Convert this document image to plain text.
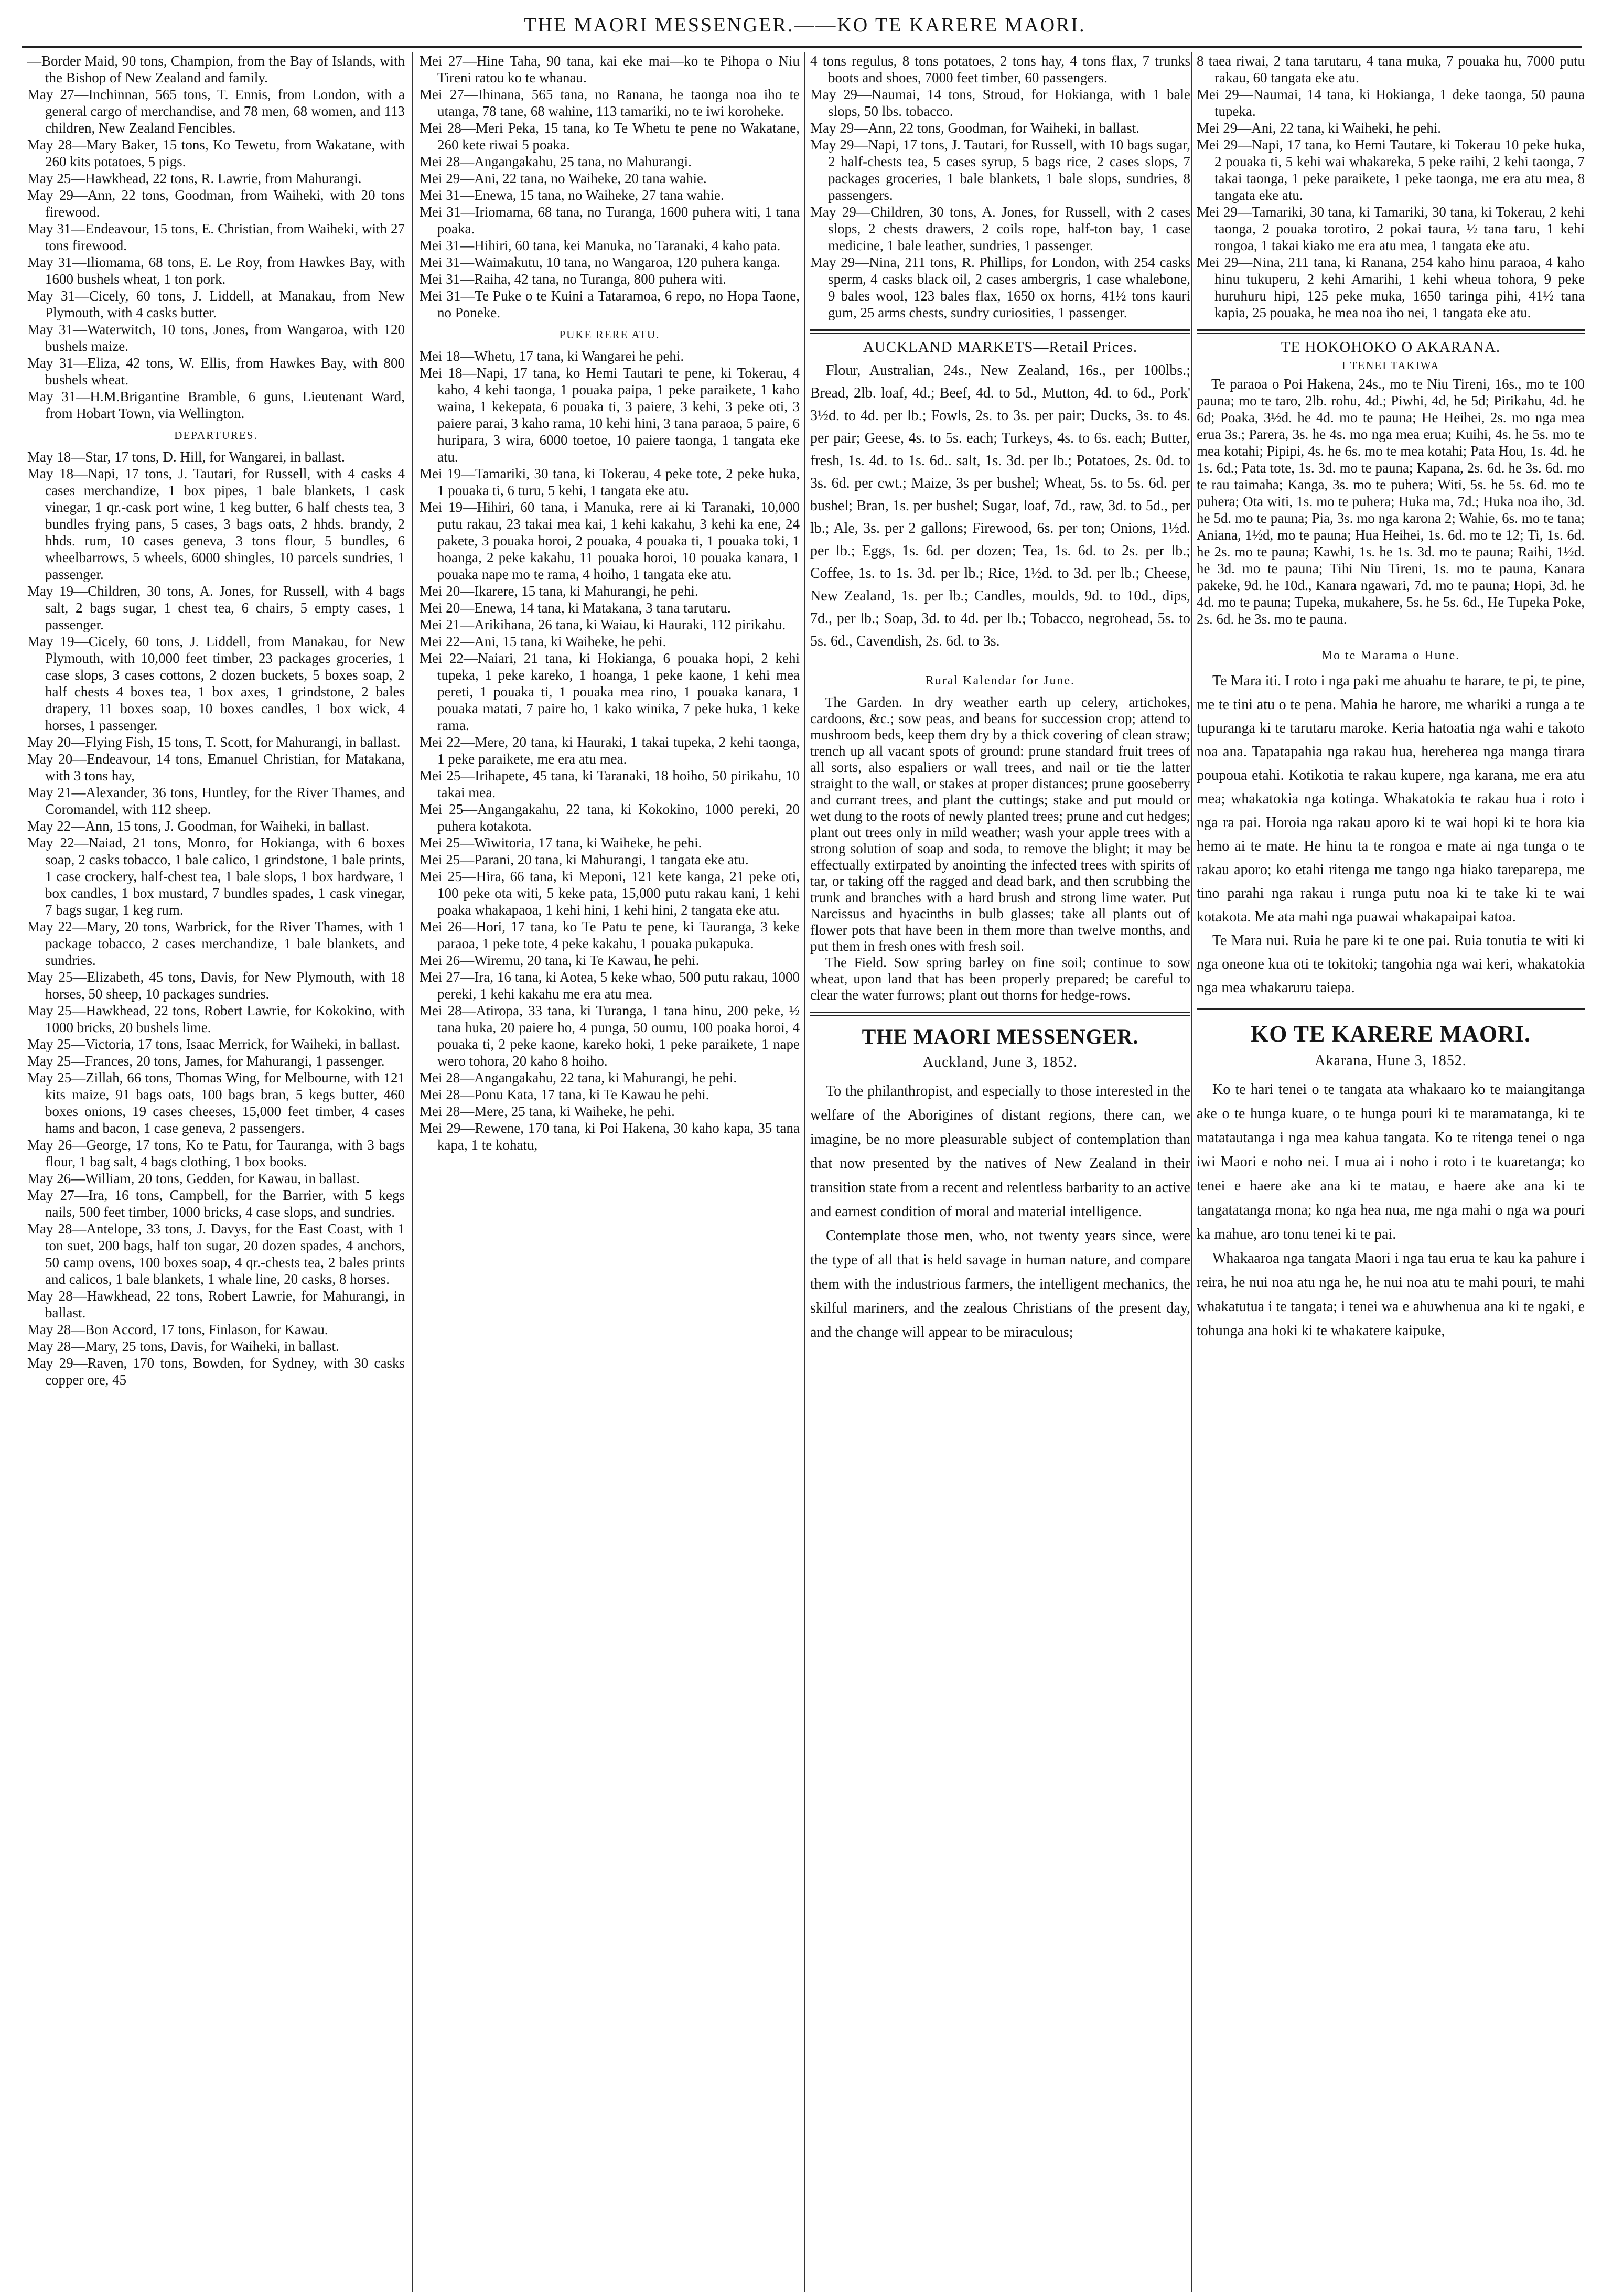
THE MAORI MESSENGER.——KO TE KARERE MAORI.

—Border Maid, 90 tons, Champion, from the Bay of Islands, with the Bishop of New Zealand and family.

May 27—Inchinnan, 565 tons, T. Ennis, from London, with a general cargo of merchandise, and 78 men, 68 women, and 113 children, New Zealand Fencibles.

May 28—Mary Baker, 15 tons, Ko Tewetu, from Wakatane, with 260 kits potatoes, 5 pigs.

May 25—Hawkhead, 22 tons, R. Lawrie, from Mahurangi.

May 29—Ann, 22 tons, Goodman, from Waiheki, with 20 tons firewood.

May 31—Endeavour, 15 tons, E. Christian, from Waiheki, with 27 tons firewood.

May 31—Iliomama, 68 tons, E. Le Roy, from Hawkes Bay, with 1600 bushels wheat, 1 ton pork.

May 31—Cicely, 60 tons, J. Liddell, at Manakau, from New Plymouth, with 4 casks butter.

May 31—Waterwitch, 10 tons, Jones, from Wangaroa, with 120 bushels maize.

May 31—Eliza, 42 tons, W. Ellis, from Hawkes Bay, with 800 bushels wheat.

May 31—H.M.Brigantine Bramble, 6 guns, Lieutenant Ward, from Hobart Town, via Wellington.

DEPARTURES.

May 18—Star, 17 tons, D. Hill, for Wangarei, in ballast.

May 18—Napi, 17 tons, J. Tautari, for Russell, with 4 casks 4 cases merchandize, 1 box pipes, 1 bale blankets, 1 cask vinegar, 1 qr.-cask port wine, 1 keg butter, 6 half chests tea, 3 bundles frying pans, 5 cases, 3 bags oats, 2 hhds. brandy, 2 hhds. rum, 10 cases geneva, 3 tons flour, 5 bundles, 6 wheelbarrows, 5 wheels, 6000 shingles, 10 parcels sundries, 1 passenger.

May 19—Children, 30 tons, A. Jones, for Russell, with 4 bags salt, 2 bags sugar, 1 chest tea, 6 chairs, 5 empty cases, 1 passenger.

May 19—Cicely, 60 tons, J. Liddell, from Manakau, for New Plymouth, with 10,000 feet timber, 23 packages groceries, 1 case slops, 3 cases cottons, 2 dozen buckets, 5 boxes soap, 2 half chests 4 boxes tea, 1 box axes, 1 grindstone, 2 bales drapery, 11 boxes soap, 10 boxes candles, 1 box wick, 4 horses, 1 passenger.

May 20—Flying Fish, 15 tons, T. Scott, for Mahurangi, in ballast.

May 20—Endeavour, 14 tons, Emanuel Christian, for Matakana, with 3 tons hay,

May 21—Alexander, 36 tons, Huntley, for the River Thames, and Coromandel, with 112 sheep.

May 22—Ann, 15 tons, J. Goodman, for Waiheki, in ballast.

May 22—Naiad, 21 tons, Monro, for Hokianga, with 6 boxes soap, 2 casks tobacco, 1 bale calico, 1 grindstone, 1 bale prints, 1 case crockery, half-chest tea, 1 bale slops, 1 box hardware, 1 box candles, 1 box mustard, 7 bundles spades, 1 cask vinegar, 7 bags sugar, 1 keg rum.

May 22—Mary, 20 tons, Warbrick, for the River Thames, with 1 package tobacco, 2 cases merchandize, 1 bale blankets, and sundries.

May 25—Elizabeth, 45 tons, Davis, for New Plymouth, with 18 horses, 50 sheep, 10 packages sundries.

May 25—Hawkhead, 22 tons, Robert Lawrie, for Kokokino, with 1000 bricks, 20 bushels lime.

May 25—Victoria, 17 tons, Isaac Merrick, for Waiheki, in ballast.

May 25—Frances, 20 tons, James, for Mahurangi, 1 passenger.

May 25—Zillah, 66 tons, Thomas Wing, for Melbourne, with 121 kits maize, 91 bags oats, 100 bags bran, 5 kegs butter, 460 boxes onions, 19 cases cheeses, 15,000 feet timber, 4 cases hams and bacon, 1 case geneva, 2 passengers.

May 26—George, 17 tons, Ko te Patu, for Tauranga, with 3 bags flour, 1 bag salt, 4 bags clothing, 1 box books.

May 26—William, 20 tons, Gedden, for Kawau, in ballast.

May 27—Ira, 16 tons, Campbell, for the Barrier, with 5 kegs nails, 500 feet timber, 1000 bricks, 4 case slops, and sundries.

May 28—Antelope, 33 tons, J. Davys, for the East Coast, with 1 ton suet, 200 bags, half ton sugar, 20 dozen spades, 4 anchors, 50 camp ovens, 100 boxes soap, 4 qr.-chests tea, 2 bales prints and calicos, 1 bale blankets, 1 whale line, 20 casks, 8 horses.

May 28—Hawkhead, 22 tons, Robert Lawrie, for Mahurangi, in ballast.

May 28—Bon Accord, 17 tons, Finlason, for Kawau.

May 28—Mary, 25 tons, Davis, for Waiheki, in ballast.

May 29—Raven, 170 tons, Bowden, for Sydney, with 30 casks copper ore, 45

Mei 27—Hine Taha, 90 tana, kai eke mai—ko te Pihopa o Niu Tireni ratou ko te whanau.

Mei 27—Ihinana, 565 tana, no Ranana, he taonga noa iho te utanga, 78 tane, 68 wahine, 113 tamariki, no te iwi koroheke.

Mei 28—Meri Peka, 15 tana, ko Te Whetu te pene no Wakatane, 260 kete riwai 5 poaka.

Mei 28—Angangakahu, 25 tana, no Mahurangi.

Mei 29—Ani, 22 tana, no Waiheke, 20 tana wahie.

Mei 31—Enewa, 15 tana, no Waiheke, 27 tana wahie.

Mei 31—Iriomama, 68 tana, no Turanga, 1600 puhera witi, 1 tana poaka.

Mei 31—Hihiri, 60 tana, kei Manuka, no Taranaki, 4 kaho pata.

Mei 31—Waimakutu, 10 tana, no Wangaroa, 120 puhera kanga.

Mei 31—Raiha, 42 tana, no Turanga, 800 puhera witi.

Mei 31—Te Puke o te Kuini a Tataramoa, 6 repo, no Hopa Taone, no Poneke.

PUKE RERE ATU.

Mei 18—Whetu, 17 tana, ki Wangarei he pehi.

Mei 18—Napi, 17 tana, ko Hemi Tautari te pene, ki Tokerau, 4 kaho, 4 kehi taonga, 1 pouaka paipa, 1 peke paraikete, 1 kaho waina, 1 kekepata, 6 pouaka ti, 3 paiere, 3 kehi, 3 peke oti, 3 paiere parai, 3 kaho rama, 10 kehi hini, 3 tana paraoa, 5 paire, 6 huripara, 3 wira, 6000 toetoe, 10 paiere taonga, 1 tangata eke atu.

Mei 19—Tamariki, 30 tana, ki Tokerau, 4 peke tote, 2 peke huka, 1 pouaka ti, 6 turu, 5 kehi, 1 tangata eke atu.

Mei 19—Hihiri, 60 tana, i Manuka, rere ai ki Taranaki, 10,000 putu rakau, 23 takai mea kai, 1 kehi kakahu, 3 kehi ka ene, 24 pakete, 3 pouaka horoi, 2 pouaka, 4 pouaka ti, 1 pouaka toki, 1 hoanga, 2 peke kakahu, 11 pouaka horoi, 10 pouaka kanara, 1 pouaka nape mo te rama, 4 hoiho, 1 tangata eke atu.

Mei 20—Ikarere, 15 tana, ki Mahurangi, he pehi.

Mei 20—Enewa, 14 tana, ki Matakana, 3 tana tarutaru.

Mei 21—Arikihana, 26 tana, ki Waiau, ki Hauraki, 112 pirikahu.

Mei 22—Ani, 15 tana, ki Waiheke, he pehi.

Mei 22—Naiari, 21 tana, ki Hokianga, 6 pouaka hopi, 2 kehi tupeka, 1 peke kareko, 1 hoanga, 1 peke kaone, 1 kehi mea pereti, 1 pouaka ti, 1 pouaka mea rino, 1 pouaka kanara, 1 pouaka matati, 7 paire ho, 1 kako winika, 7 peke huka, 1 keke rama.

Mei 22—Mere, 20 tana, ki Hauraki, 1 takai tupeka, 2 kehi taonga, 1 peke paraikete, me era atu mea.

Mei 25—Irihapete, 45 tana, ki Taranaki, 18 hoiho, 50 pirikahu, 10 takai mea.

Mei 25—Angangakahu, 22 tana, ki Kokokino, 1000 pereki, 20 puhera kotakota.

Mei 25—Wiwitoria, 17 tana, ki Waiheke, he pehi.

Mei 25—Parani, 20 tana, ki Mahurangi, 1 tangata eke atu.

Mei 25—Hira, 66 tana, ki Meponi, 121 kete kanga, 21 peke oti, 100 peke ota witi, 5 keke pata, 15,000 putu rakau kani, 1 kehi poaka whakapaoa, 1 kehi hini, 1 kehi hini, 2 tangata eke atu.

Mei 26—Hori, 17 tana, ko Te Patu te pene, ki Tauranga, 3 keke paraoa, 1 peke tote, 4 peke kakahu, 1 pouaka pukapuka.

Mei 26—Wiremu, 20 tana, ki Te Kawau, he pehi.

Mei 27—Ira, 16 tana, ki Aotea, 5 keke whao, 500 putu rakau, 1000 pereki, 1 kehi kakahu me era atu mea.

Mei 28—Atiropa, 33 tana, ki Turanga, 1 tana hinu, 200 peke, ½ tana huka, 20 paiere ho, 4 punga, 50 oumu, 100 poaka horoi, 4 pouaka ti, 2 peke kaone, kareko hoki, 1 peke paraikete, 1 nape wero tohora, 20 kaho 8 hoiho.

Mei 28—Angangakahu, 22 tana, ki Mahurangi, he pehi.

Mei 28—Ponu Kata, 17 tana, ki Te Kawau he pehi.

Mei 28—Mere, 25 tana, ki Waiheke, he pehi.

Mei 29—Rewene, 170 tana, ki Poi Hakena, 30 kaho kapa, 35 tana kapa, 1 te kohatu,

4 tons regulus, 8 tons potatoes, 2 tons hay, 4 tons flax, 7 trunks boots and shoes, 7000 feet timber, 60 passengers.

May 29—Naumai, 14 tons, Stroud, for Hokianga, with 1 bale slops, 50 lbs. tobacco.

May 29—Ann, 22 tons, Goodman, for Waiheki, in ballast.

May 29—Napi, 17 tons, J. Tautari, for Russell, with 10 bags sugar, 2 half-chests tea, 5 cases syrup, 5 bags rice, 2 cases slops, 7 packages groceries, 1 bale blankets, 1 bale slops, sundries, 8 passengers.

May 29—Children, 30 tons, A. Jones, for Russell, with 2 cases slops, 2 chests drawers, 2 coils rope, half-ton bay, 1 case medicine, 1 bale leather, sundries, 1 passenger.

May 29—Nina, 211 tons, R. Phillips, for London, with 254 casks sperm, 4 casks black oil, 2 cases ambergris, 1 case whalebone, 9 bales wool, 123 bales flax, 1650 ox horns, 41½ tons kauri gum, 25 arms chests, sundry curiosities, 1 passenger.

AUCKLAND MARKETS—Retail Prices.

Flour, Australian, 24s., New Zealand, 16s., per 100lbs.; Bread, 2lb. loaf, 4d.; Beef, 4d. to 5d., Mutton, 4d. to 6d., Pork' 3½d. to 4d. per lb.; Fowls, 2s. to 3s. per pair; Ducks, 3s. to 4s. per pair; Geese, 4s. to 5s. each; Turkeys, 4s. to 6s. each; Butter, fresh, 1s. 4d. to 1s. 6d.. salt, 1s. 3d. per lb.; Potatoes, 2s. 0d. to 3s. 6d. per cwt.; Maize, 3s per bushel; Wheat, 5s. to 5s. 6d. per bushel; Bran, 1s. per bushel; Sugar, loaf, 7d., raw, 3d. to 5d., per lb.; Ale, 3s. per 2 gallons; Firewood, 6s. per ton; Onions, 1½d. per lb.; Eggs, 1s. 6d. per dozen; Tea, 1s. 6d. to 2s. per lb.; Coffee, 1s. to 1s. 3d. per lb.; Rice, 1½d. to 3d. per lb.; Cheese, New Zealand, 1s. per lb.; Candles, moulds, 9d. to 10d., dips, 7d., per lb.; Soap, 3d. to 4d. per lb.; Tobacco, negrohead, 5s. to 5s. 6d., Cavendish, 2s. 6d. to 3s.

Rural Kalendar for June.

The Garden. In dry weather earth up celery, artichokes, cardoons, &c.; sow peas, and beans for succession crop; attend to mushroom beds, keep them dry by a thick covering of clean straw; trench up all vacant spots of ground: prune standard fruit trees of all sorts, also espaliers or wall trees, and nail or tie the latter straight to the wall, or stakes at proper distances; prune gooseberry and currant trees, and plant the cuttings; stake and put mould or wet dung to the roots of newly planted trees; prune and cut hedges; plant out trees only in mild weather; wash your apple trees with a strong solution of soap and soda, to remove the blight; it may be effectually extirpated by anointing the infected trees with spirits of tar, or taking off the ragged and dead bark, and then scrubbing the trunk and branches with a hard brush and strong lime water. Put Narcissus and hyacinths in bulb glasses; take all plants out of flower pots that have been in them more than twelve months, and put them in fresh ones with fresh soil.

The Field. Sow spring barley on fine soil; continue to sow wheat, upon land that has been properly prepared; be careful to clear the water furrows; plant out thorns for hedge-rows.

THE MAORI MESSENGER.
Auckland, June 3, 1852.

To the philanthropist, and especially to those interested in the welfare of the Aborigines of distant regions, there can, we imagine, be no more pleasurable subject of contemplation than that now presented by the natives of New Zealand in their transition state from a recent and relentless barbarity to an active and earnest condition of moral and material intelligence.

Contemplate those men, who, not twenty years since, were the type of all that is held savage in human nature, and compare them with the industrious farmers, the intelligent mechanics, the skilful mariners, and the zealous Christians of the present day, and the change will appear to be miraculous;

8 taea riwai, 2 tana tarutaru, 4 tana muka, 7 pouaka hu, 7000 putu rakau, 60 tangata eke atu.

Mei 29—Naumai, 14 tana, ki Hokianga, 1 deke taonga, 50 pauna tupeka.

Mei 29—Ani, 22 tana, ki Waiheki, he pehi.

Mei 29—Napi, 17 tana, ko Hemi Tautare, ki Tokerau 10 peke huka, 2 pouaka ti, 5 kehi wai whakareka, 5 peke raihi, 2 kehi taonga, 7 takai taonga, 1 peke paraikete, 1 peke taonga, me era atu mea, 8 tangata eke atu.

Mei 29—Tamariki, 30 tana, ki Tamariki, 30 tana, ki Tokerau, 2 kehi taonga, 2 pouaka torotiro, 2 pokai taura, ½ tana taru, 1 kehi rongoa, 1 takai kiako me era atu mea, 1 tangata eke atu.

Mei 29—Nina, 211 tana, ki Ranana, 254 kaho hinu paraoa, 4 kaho hinu tukuperu, 2 kehi Amarihi, 1 kehi wheua tohora, 9 peke huruhuru hipi, 125 peke muka, 1650 taringa pihi, 41½ tana kapia, 25 pouaka, he mea noa iho nei, 1 tangata eke atu.

TE HOKOHOKO O AKARANA.
I TENEI TAKIWA

Te paraoa o Poi Hakena, 24s., mo te Niu Tireni, 16s., mo te 100 pauna; mo te taro, 2lb. rohu, 4d.; Piwhi, 4d, he 5d; Pirikahu, 4d. he 6d; Poaka, 3½d. he 4d. mo te pauna; He Heihei, 2s. mo nga mea erua 3s.; Parera, 3s. he 4s. mo nga mea erua; Kuihi, 4s. he 5s. mo te mea kotahi; Pipipi, 4s. he 6s. mo te mea kotahi; Pata Hou, 1s. 4d. he 1s. 6d.; Pata tote, 1s. 3d. mo te pauna; Kapana, 2s. 6d. he 3s. 6d. mo te rau taimaha; Kanga, 3s. mo te puhera; Witi, 5s. he 5s. 6d. mo te puhera; Ota witi, 1s. mo te puhera; Huka ma, 7d.; Huka noa iho, 3d. he 5d. mo te pauna; Pia, 3s. mo nga karona 2; Wahie, 6s. mo te tana; Aniana, 1½d, mo te pauna; Hua Heihei, 1s. 6d. mo te 12; Ti, 1s. 6d. he 2s. mo te pauna; Kawhi, 1s. he 1s. 3d. mo te pauna; Raihi, 1½d. he 3d. mo te pauna; Tihi Niu Tireni, 1s. mo te pauna, Kanara pakeke, 9d. he 10d., Kanara ngawari, 7d. mo te pauna; Hopi, 3d. he 4d. mo te pauna; Tupeka, mukahere, 5s. he 5s. 6d., He Tupeka Poke, 2s. 6d. he 3s. mo te pauna.

Mo te Marama o Hune.

Te Mara iti. I roto i nga paki me ahuahu te harare, te pi, te pine, me te tini atu o te pena. Mahia he harore, me whariki a runga a te tupuranga ki te tarutaru maroke. Keria hatoatia nga wahi e takoto noa ana. Tapatapahia nga rakau hua, herehereа nga manga tirara poupoua etahi. Kotikotia te rakau kupere, nga karana, me era atu mea; whakatokia nga kotinga. Whakatokia te rakau hua i roto i nga ra pai. Horoia nga rakau aporo ki te wai hopi ki te hora kia hemo ai te mate. He hinu ta te rongoa e mate ai nga tunga o te rakau aporo; ko etahi ritenga me tango nga hiako tareparepa, me tino parahi nga rakau i runga putu noa ki te take ki te wai kotakota. Me ata mahi nga puawai whakapaipai katoa.

Te Mara nui. Ruia he pare ki te one pai. Ruia tonutia te witi ki nga onеone kua oti te tokitoki; tangohia nga wai keri, whakatokia nga mea whakaruru taiepa.

KO TE KARERE MAORI.
Akarana, Hune 3, 1852.

Ko te hari tenei o te tangata ata whakaaro ko te maiangitanga ake o te hunga kuare, o te hunga pouri ki te maramatanga, ki te matatautanga i nga mea kahua tangata. Ko te ritenga tenei o nga iwi Maori e noho nei. I mua ai i noho i roto i te kuaretanga; ko tenei e haere ake ana ki te matau, e haere ake ana ki te tangatatanga mona; ko nga hea nua, me nga mahi o nga wa pouri ka mahue, aro tonu tenei ki te pai.

Whakaaroa nga tangata Maori i nga tau erua te kau ka pahure i reira, he nui noa atu nga he, he nui noa atu te mahi pouri, te mahi whakatutua i te tangata; i tenei wa e ahuwhenua ana ki te ngaki, e tohunga ana hoki ki te whakatere kaipuke,
